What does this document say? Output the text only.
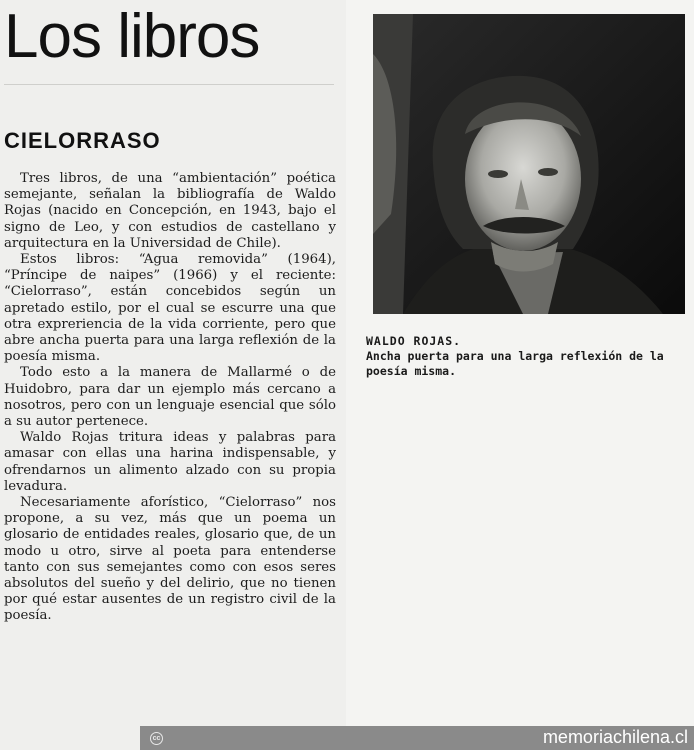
Los libros
CIELORRASO

Tres libros, de una “ambientación” poética semejante, señalan la bibliografía de Waldo Rojas (nacido en Concepción, en 1943, bajo el signo de Leo, y con estudios de castellano y arquitectura en la Universidad de Chile).

Estos libros: “Agua removida” (1964), “Príncipe de naipes” (1966) y el reciente: “Cielorraso”, están concebidos según un apretado estilo, por el cual se escurre una que otra expreriencia de la vida corriente, pero que abre ancha puerta para una larga reflexión de la poesía misma.

Todo esto a la manera de Mallarmé o de Huidobro, para dar un ejemplo más cercano a nosotros, pero con un lenguaje esencial que sólo a su autor pertenece.

Waldo Rojas tritura ideas y palabras para amasar con ellas una harina indispensable, y ofrendarnos un alimento alzado con su propia levadura.

Necesariamente aforístico, “Cielorraso” nos propone, a su vez, más que un poema un glosario de entidades reales, glosario que, de un modo u otro, sirve al poeta para entenderse tanto con sus semejantes como con esos seres absolutos del sueño y del delirio, que no tienen por qué estar ausentes de un registro civil de la poesía.

WALDO ROJAS.
Ancha puerta para una larga reflexión de la poesía misma.
cc	memoriachilena.cl
